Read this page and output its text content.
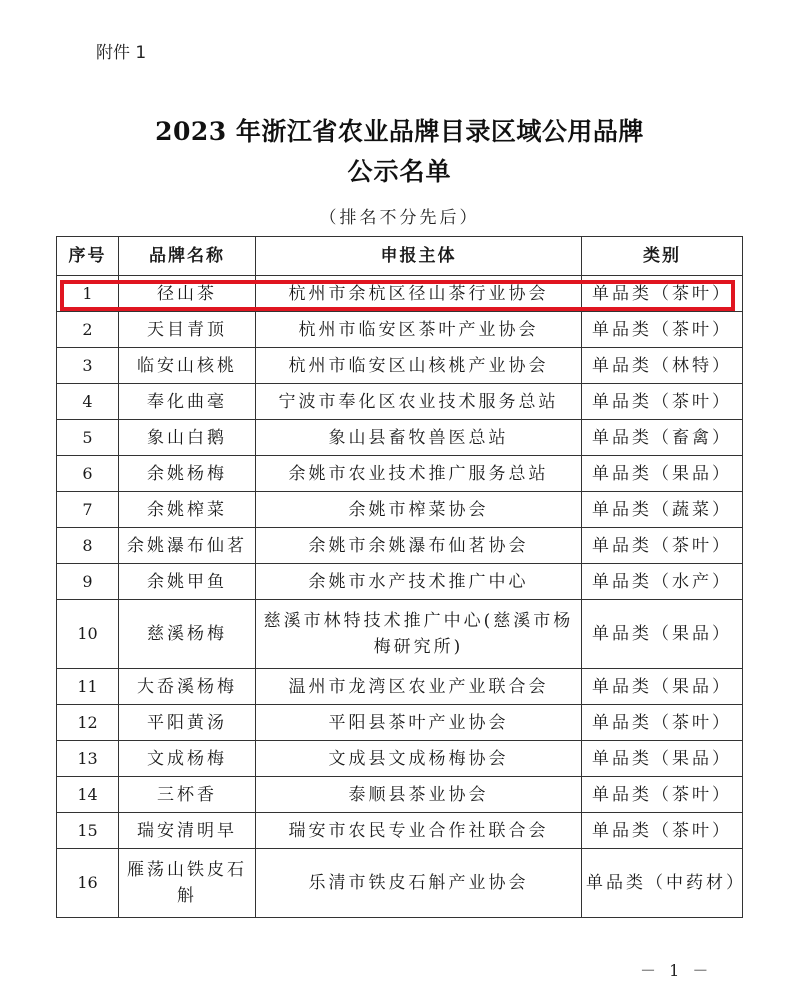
附件 1
2023 年浙江省农业品牌目录区域公用品牌
公示名单
（排名不分先后）
序号	品牌名称	申报主体	类别
1	径山茶	杭州市余杭区径山茶行业协会	单品类（茶叶）
2	天目青顶	杭州市临安区茶叶产业协会	单品类（茶叶）
3	临安山核桃	杭州市临安区山核桃产业协会	单品类（林特）
4	奉化曲毫	宁波市奉化区农业技术服务总站	单品类（茶叶）
5	象山白鹅	象山县畜牧兽医总站	单品类（畜禽）
6	余姚杨梅	余姚市农业技术推广服务总站	单品类（果品）
7	余姚榨菜	余姚市榨菜协会	单品类（蔬菜）
8	余姚瀑布仙茗	余姚市余姚瀑布仙茗协会	单品类（茶叶）
9	余姚甲鱼	余姚市水产技术推广中心	单品类（水产）
10	慈溪杨梅	慈溪市林特技术推广中心(慈溪市杨梅研究所)	单品类（果品）
11	大岙溪杨梅	温州市龙湾区农业产业联合会	单品类（果品）
12	平阳黄汤	平阳县茶叶产业协会	单品类（茶叶）
13	文成杨梅	文成县文成杨梅协会	单品类（果品）
14	三杯香	泰顺县茶业协会	单品类（茶叶）
15	瑞安清明早	瑞安市农民专业合作社联合会	单品类（茶叶）
16	雁荡山铁皮石斛	乐清市铁皮石斛产业协会	单品类（中药材）
－ 1 －
